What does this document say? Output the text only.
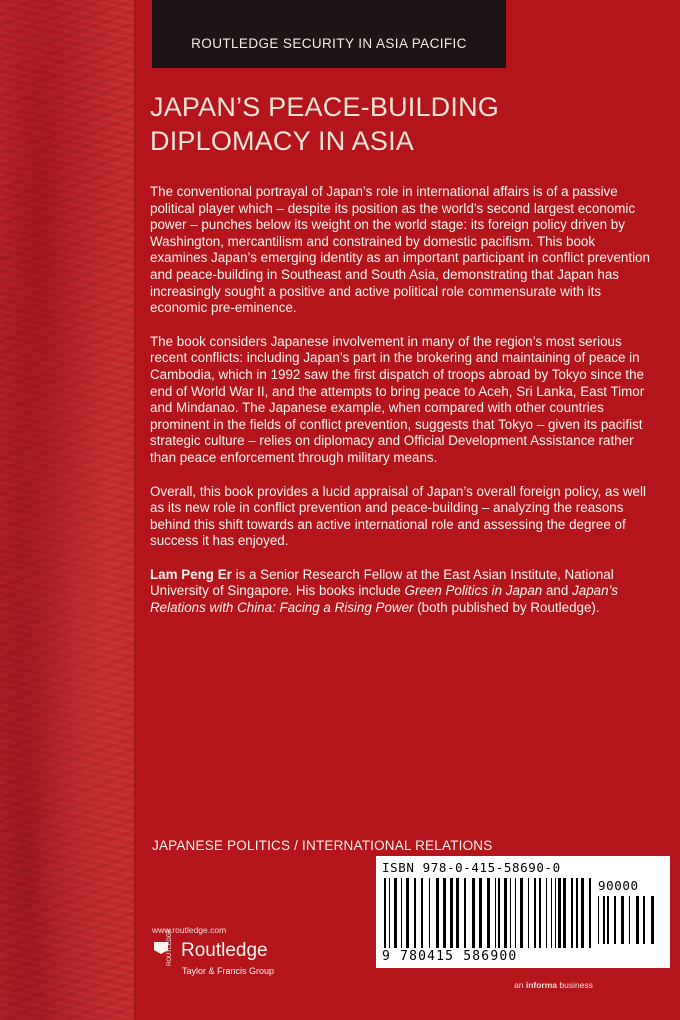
ROUTLEDGE SECURITY IN ASIA PACIFIC
JAPAN’S PEACE-BUILDING
DIPLOMACY IN ASIA

The conventional portrayal of Japan’s role in international affairs is of a passive political player which – despite its position as the world’s second largest economic power – punches below its weight on the world stage: its foreign policy driven by Washington, mercantilism and constrained by domestic pacifism. This book examines Japan’s emerging identity as an important participant in conflict prevention and peace-building in Southeast and South Asia, demonstrating that Japan has increasingly sought a positive and active political role commensurate with its economic pre-eminence.

The book considers Japanese involvement in many of the region’s most serious recent conflicts: including Japan’s part in the brokering and maintaining of peace in Cambodia, which in 1992 saw the first dispatch of troops abroad by Tokyo since the end of World War II, and the attempts to bring peace to Aceh, Sri Lanka, East Timor and Mindanao. The Japanese example, when compared with other countries prominent in the fields of conflict prevention, suggests that Tokyo – given its pacifist strategic culture – relies on diplomacy and Official Development Assistance rather than peace enforcement through military means.

Overall, this book provides a lucid appraisal of Japan’s overall foreign policy, as well as its new role in conflict prevention and peace-building – analyzing the reasons behind this shift towards an active international role and assessing the degree of success it has enjoyed.

Lam Peng Er is a Senior Research Fellow at the East Asian Institute, National University of Singapore. His books include Green Politics in Japan and Japan’s Relations with China: Facing a Rising Power (both published by Routledge).

JAPANESE POLITICS / INTERNATIONAL RELATIONS
ISBN 978-0-415-58690-0
90000
9 780415 586900
www.routledge.com
ROUTLEDGE Routledge
Taylor & Francis Group
an informa business
